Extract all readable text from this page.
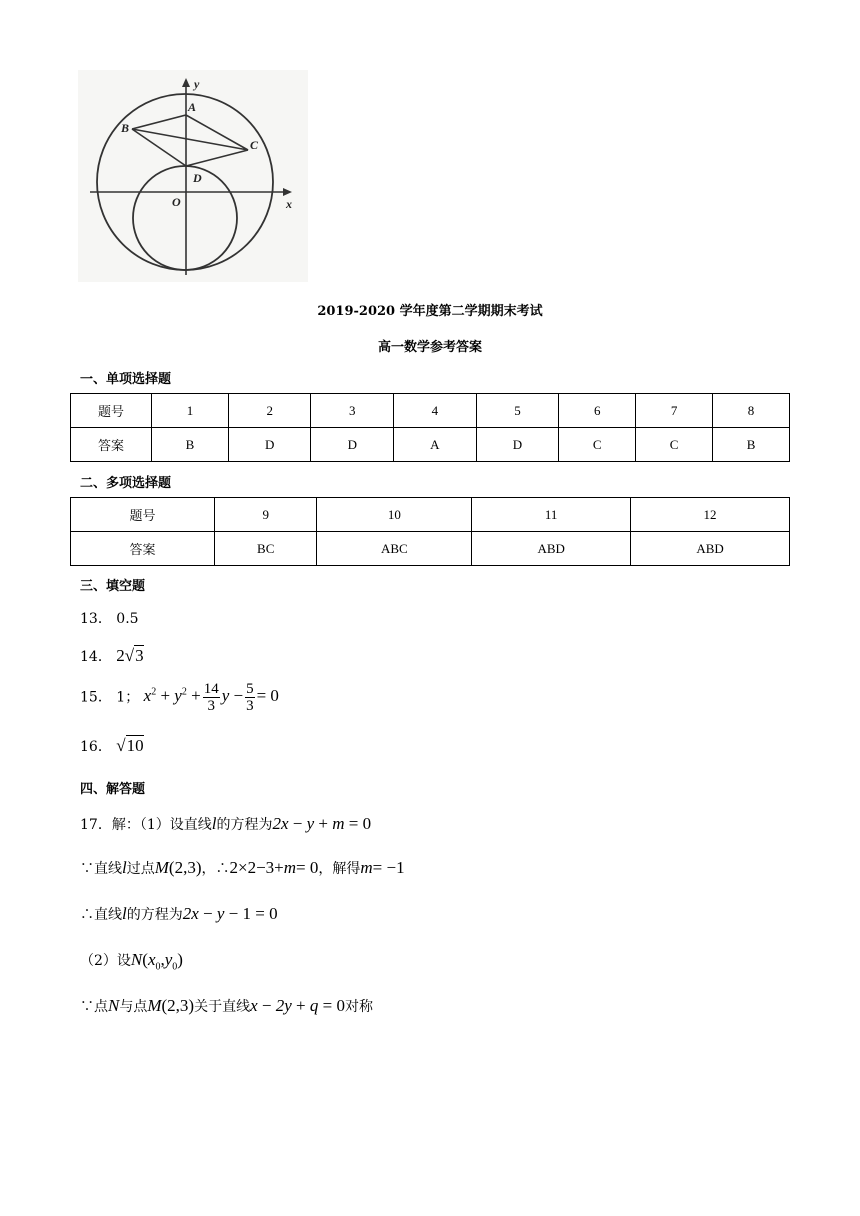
y
x
A
B
C
D
O
2019-2020 学年度第二学期期末考试
高一数学参考答案
一、单项选择题
题号	1	2	3	4	5	6	7	8
答案	B	D	D	A	D	C	C	B
二、多项选择题
题号	9	10	11	12
答案	BC	ABC	ABD	ABD
三、填空题
13． 0.5
14． 2√3
15． 1； $x^2 + y^2 + \frac{14}{3}$ $y - \frac{5}{3} = 0$
16． √10
四、解答题
17．解：（1）设直线l的方程为2x − y + m = 0
∵直线l过点M(2,3)，∴2×2−3+m= 0，解得m= −1
∴直线l的方程为2x − y − 1 = 0
（2）设$N(x_0,y_0)$
∵点N与点M(2,3)关于直线x − 2y + q = 0对称
